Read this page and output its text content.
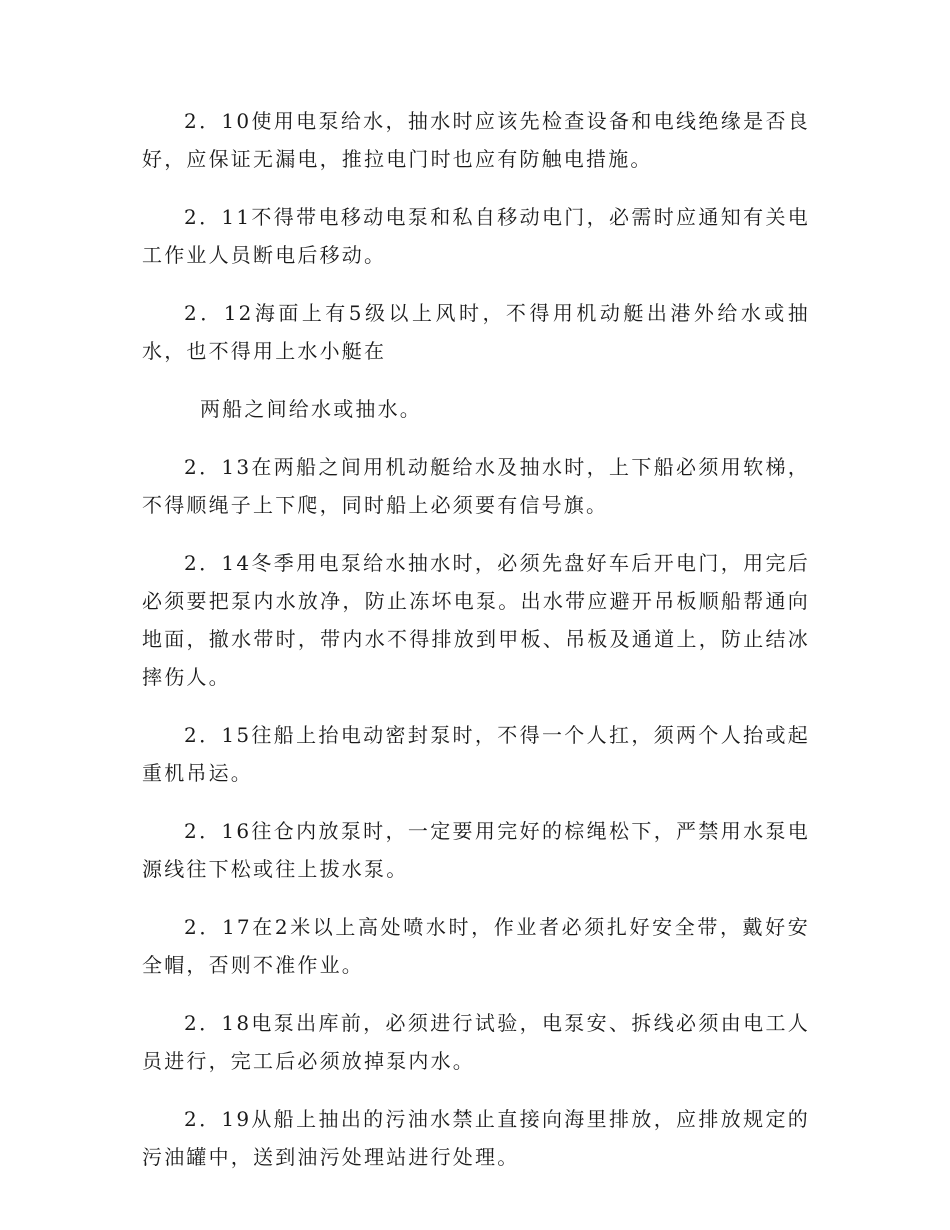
2．10使用电泵给水，抽水时应该先检查设备和电线绝缘是否良好，应保证无漏电，推拉电门时也应有防触电措施。

2．11不得带电移动电泵和私自移动电门，必需时应通知有关电工作业人员断电后移动。

2．12海面上有5级以上风时，不得用机动艇出港外给水或抽水，也不得用上水小艇在

两船之间给水或抽水。

2．13在两船之间用机动艇给水及抽水时，上下船必须用软梯，不得顺绳子上下爬，同时船上必须要有信号旗。

2．14冬季用电泵给水抽水时，必须先盘好车后开电门，用完后必须要把泵内水放净，防止冻坏电泵。出水带应避开吊板顺船帮通向地面，撤水带时，带内水不得排放到甲板、吊板及通道上，防止结冰摔伤人。

2．15往船上抬电动密封泵时，不得一个人扛，须两个人抬或起重机吊运。

2．16往仓内放泵时，一定要用完好的棕绳松下，严禁用水泵电源线往下松或往上拔水泵。

2．17在2米以上高处喷水时，作业者必须扎好安全带，戴好安全帽，否则不准作业。

2．18电泵出库前，必须进行试验，电泵安、拆线必须由电工人员进行，完工后必须放掉泵内水。

2．19从船上抽出的污油水禁止直接向海里排放，应排放规定的污油罐中，送到油污处理站进行处理。
